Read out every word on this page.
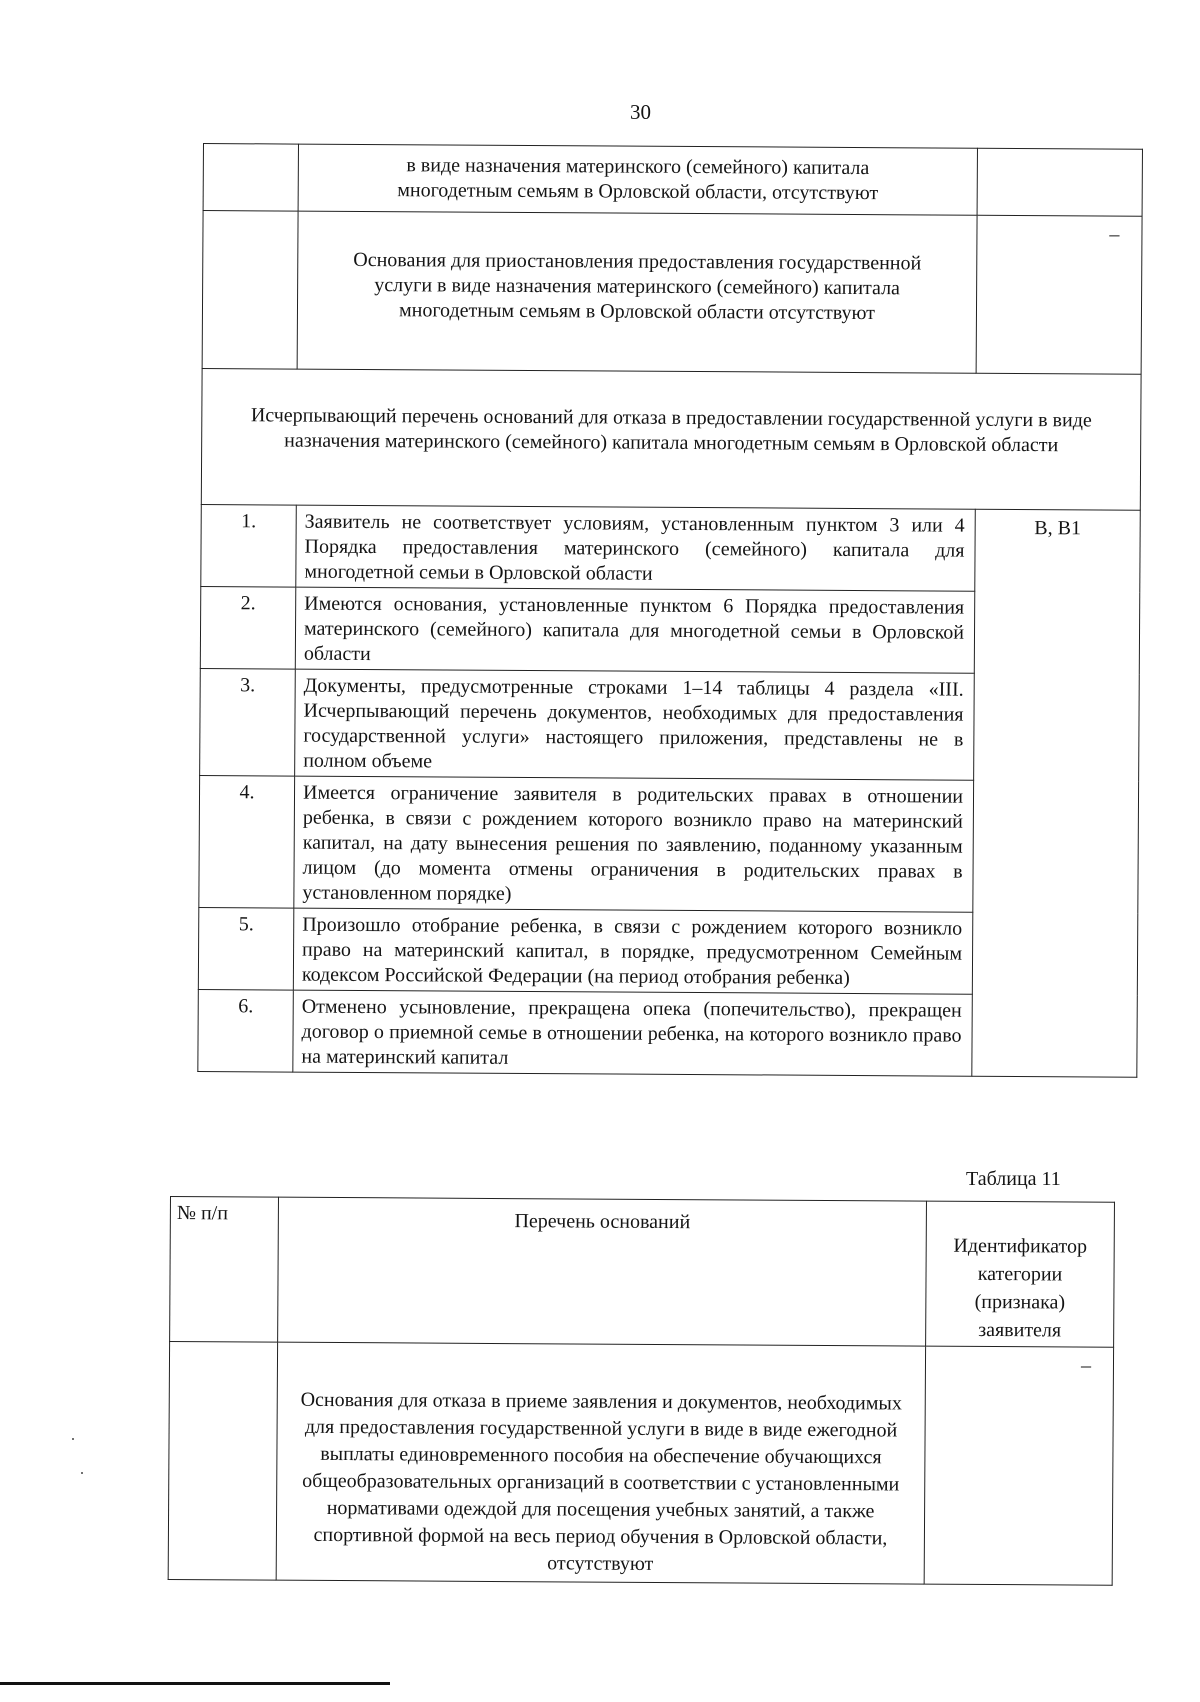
30

	в виде назначения материнского (семейного) капитала многодетным семьям в Орловской области, отсутствуют	

	Основания для приостановления предоставления государственной услуги в виде назначения материнского (семейного) капитала многодетным семьям в Орловской области отсутствуют	–

Исчерпывающий перечень оснований для отказа в предоставлении государственной услуги в виде назначения материнского (семейного) капитала многодетным семьям в Орловской области		

1.	Заявитель не соответствует условиям, установленным пунктом 3 или 4 Порядка предоставления материнского (семейного) капитала для многодетной семьи в Орловской области	В, В1
2.	Имеются основания, установленные пунктом 6 Порядка предоставления материнского (семейного) капитала для многодетной семьи в Орловской области	
3.	Документы, предусмотренные строками 1–14 таблицы 4 раздела «III. Исчерпывающий перечень документов, необходимых для предоставления государственной услуги» настоящего приложения, представлены не в полном объеме	
4.	Имеется ограничение заявителя в родительских правах в отношении ребенка, в связи с рождением которого возникло право на материнский капитал, на дату вынесения решения по заявлению, поданному указанным лицом (до момента отмены ограничения в родительских правах в установленном порядке)	
5.	Произошло отобрание ребенка, в связи с рождением которого возникло право на материнский капитал, в порядке, предусмотренном Семейным кодексом Российской Федерации (на период отобрания ребенка)	
6.	Отменено усыновление, прекращена опека (попечительство), прекращен договор о приемной семье в отношении ребенка, на которого возникло право на материнский капитал	
Таблица 11
№ п/п	Перечень оснований	Идентификатор категории (признака) заявителя
	Основания для отказа в приеме заявления и документов, необходимых для предоставления государственной услуги в виде в виде ежегодной выплаты единовременного пособия на обеспечение обучающихся общеобразовательных организаций в соответствии с установленными нормативами одеждой для посещения учебных занятий, а также спортивной формой на весь период обучения в Орловской области, отсутствуют	–
